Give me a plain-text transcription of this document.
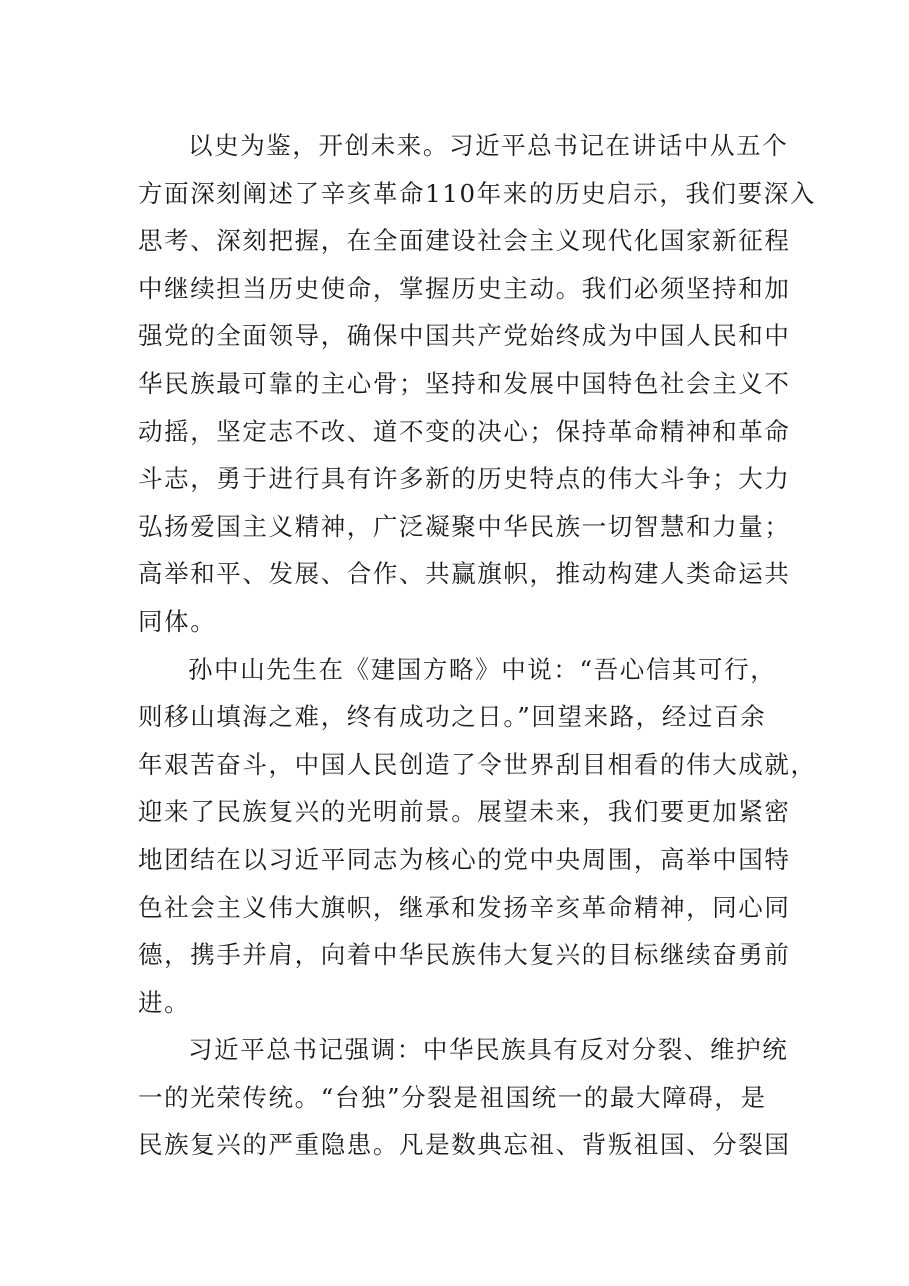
以史为鉴，开创未来。习近平总书记在讲话中从五个
方面深刻阐述了辛亥革命110年来的历史启示，我们要深入
思考、深刻把握，在全面建设社会主义现代化国家新征程
中继续担当历史使命，掌握历史主动。我们必须坚持和加
强党的全面领导，确保中国共产党始终成为中国人民和中
华民族最可靠的主心骨；坚持和发展中国特色社会主义不
动摇，坚定志不改、道不变的决心；保持革命精神和革命
斗志，勇于进行具有许多新的历史特点的伟大斗争；大力
弘扬爱国主义精神，广泛凝聚中华民族一切智慧和力量；
高举和平、发展、合作、共赢旗帜，推动构建人类命运共
同体。
孙中山先生在《建国方略》中说：“吾心信其可行，
则移山填海之难，终有成功之日。”回望来路，经过百余
年艰苦奋斗，中国人民创造了令世界刮目相看的伟大成就，
迎来了民族复兴的光明前景。展望未来，我们要更加紧密
地团结在以习近平同志为核心的党中央周围，高举中国特
色社会主义伟大旗帜，继承和发扬辛亥革命精神，同心同
德，携手并肩，向着中华民族伟大复兴的目标继续奋勇前
进。
习近平总书记强调：中华民族具有反对分裂、维护统
一的光荣传统。“台独”分裂是祖国统一的最大障碍，是
民族复兴的严重隐患。凡是数典忘祖、背叛祖国、分裂国
